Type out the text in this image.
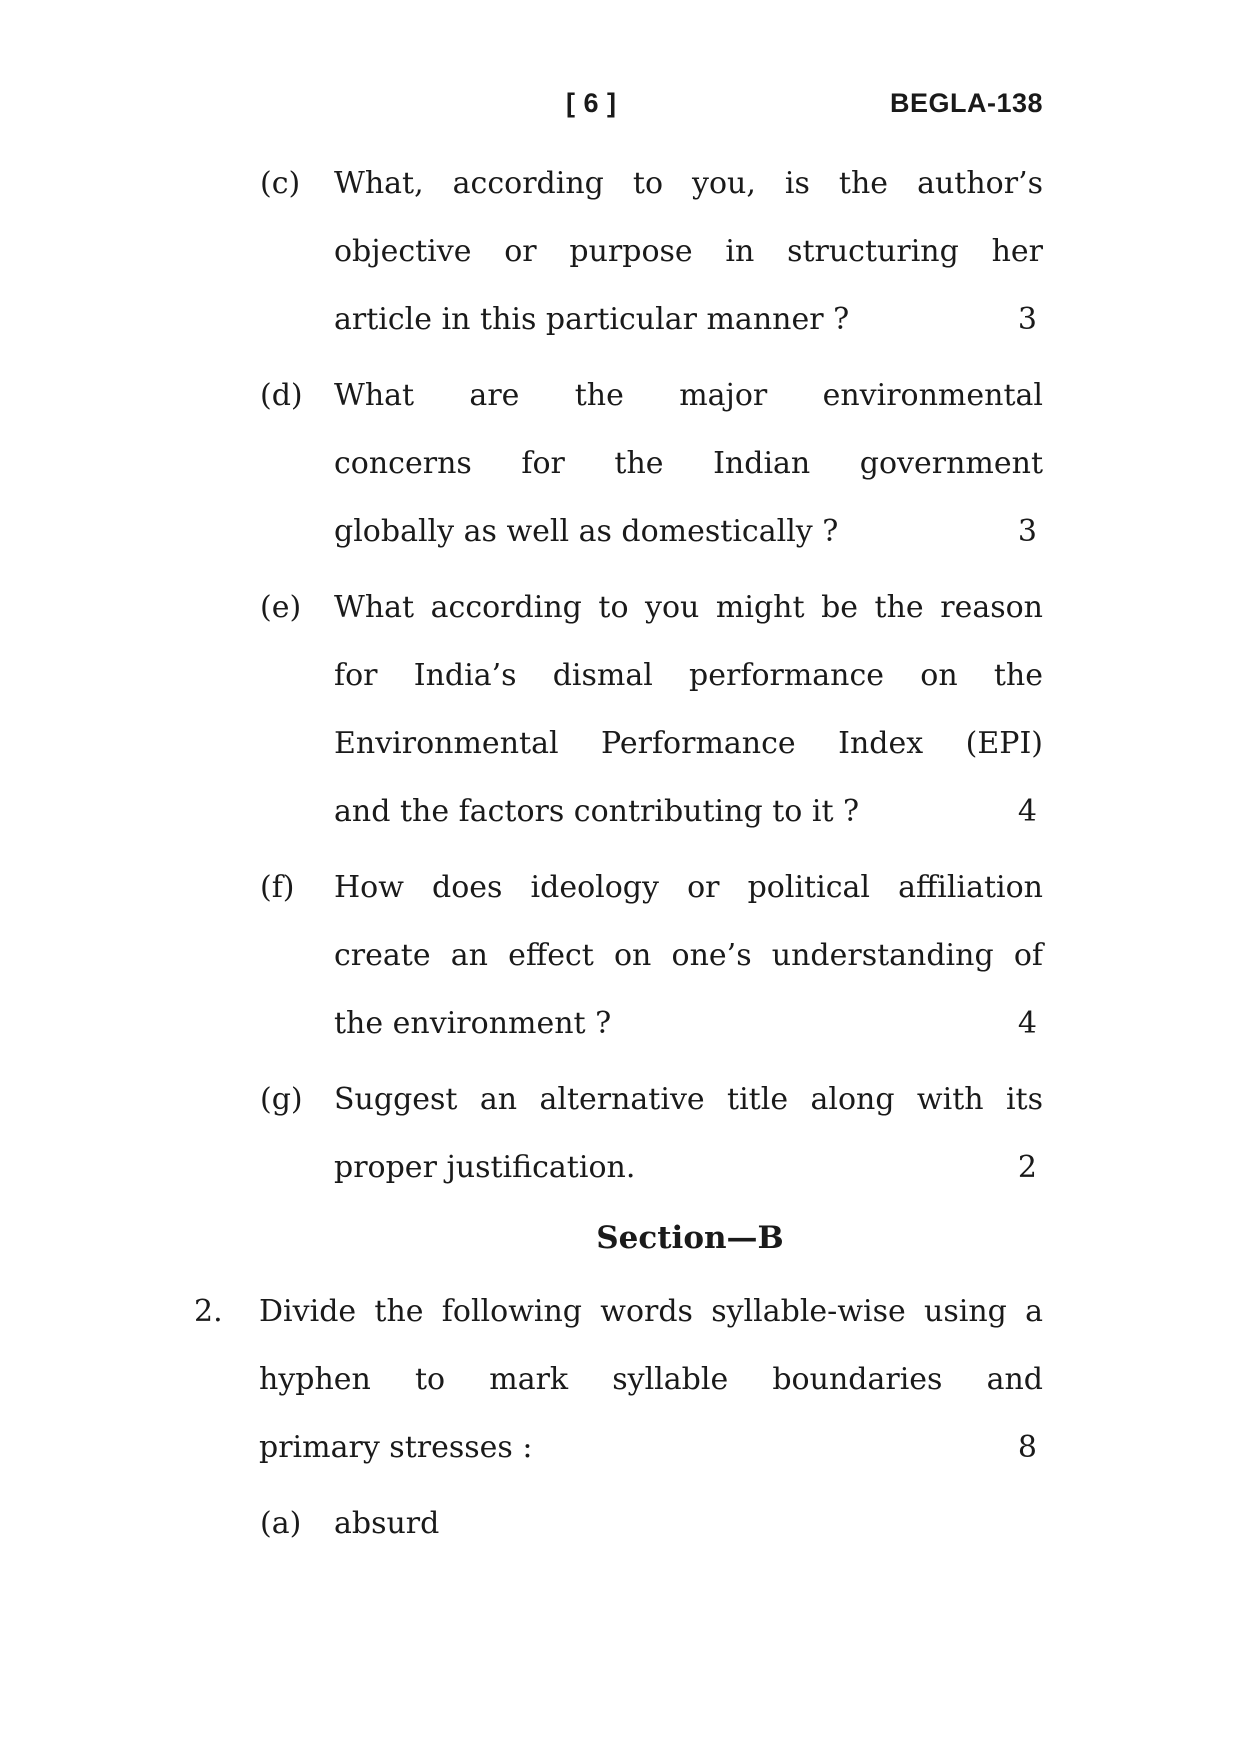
[ 6 ]	BEGLA-138
(c) What, according to you, is the author’s
objective or purpose in structuring her
article in this particular manner ?	3
(d) What are the major environmental
concerns for the Indian government
globally as well as domestically ?	3
(e) What according to you might be the reason
for India’s dismal performance on the
Environmental Performance Index (EPI)
and the factors contributing to it ?	4
(f) How does ideology or political affiliation
create an effect on one’s understanding of
the environment ?	4
(g) Suggest an alternative title along with its
proper justification.	2
Section—B
2. Divide the following words syllable-wise using a
hyphen to mark syllable boundaries and
primary stresses :	8
(a) absurd
